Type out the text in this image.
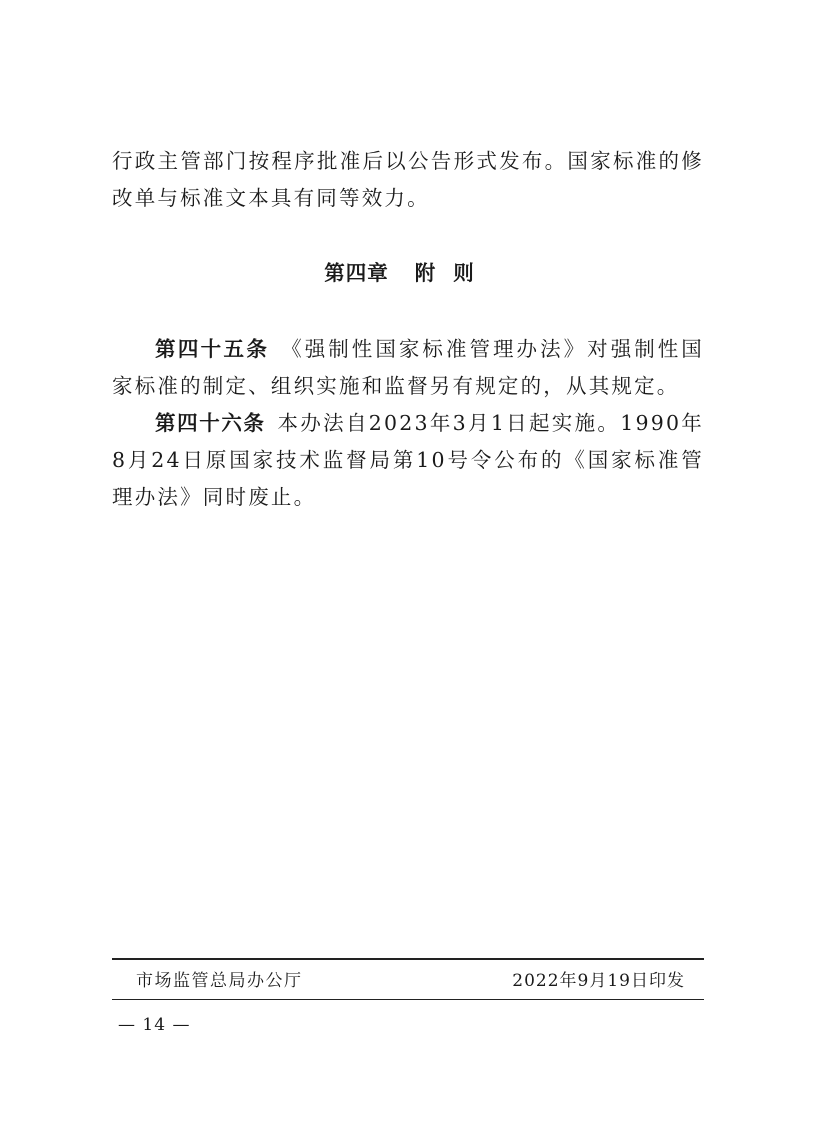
行政主管部门按程序批准后以公告形式发布。国家标准的修改单与标准文本具有同等效力。

第四章 附则

第四十五条 《强制性国家标准管理办法》对强制性国家标准的制定、组织实施和监督另有规定的，从其规定。

第四十六条 本办法自2023年3月1日起实施。1990年8月24日原国家技术监督局第10号令公布的《国家标准管理办法》同时废止。

市场监管总局办公厅	2022年9月19日印发
— 14 —
